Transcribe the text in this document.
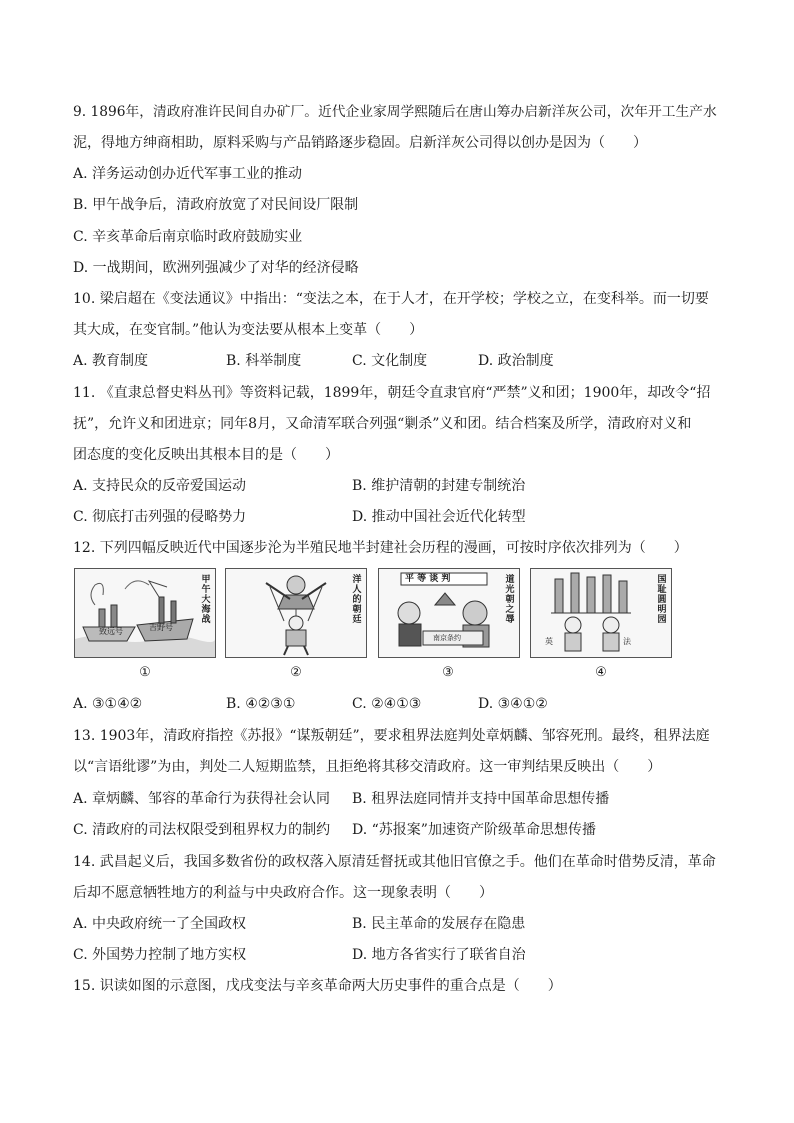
9. 1896年，清政府准许民间自办矿厂。近代企业家周学熙随后在唐山筹办启新洋灰公司，次年开工生产水
泥，得地方绅商相助，原料采购与产品销路逐步稳固。启新洋灰公司得以创办是因为（　　）
A. 洋务运动创办近代军事工业的推动
B. 甲午战争后，清政府放宽了对民间设厂限制
C. 辛亥革命后南京临时政府鼓励实业
D. 一战期间，欧洲列强减少了对华的经济侵略
10. 梁启超在《变法通议》中指出：“变法之本，在于人才，在开学校；学校之立，在变科举。而一切要
其大成，在变官制。”他认为变法要从根本上变革（　　）
A. 教育制度	B. 科举制度	C. 文化制度	D. 政治制度
11. 《直隶总督史料丛刊》等资料记载，1899年，朝廷令直隶官府“严禁”义和团；1900年，却改令“招
抚”，允许义和团进京；同年8月，又命清军联合列强“剿杀”义和团。结合档案及所学，清政府对义和
团态度的变化反映出其根本目的是（　　）
A. 支持民众的反帝爱国运动	B. 维护清朝的封建专制统治
C. 彻底打击列强的侵略势力	D. 推动中国社会近代化转型
12. 下列四幅反映近代中国逐步沦为半殖民地半封建社会历程的漫画，可按时序依次排列为（　　）
致远号	吉野号
甲午大海战
洋人的朝廷
平 等 谈 判
南京条约
道光朝之辱
英	法
国耻圆明园
①	②	③	④
A. ③①④②	B. ④②③①	C. ②④①③	D. ③④①②
13. 1903年，清政府指控《苏报》“谋叛朝廷”，要求租界法庭判处章炳麟、邹容死刑。最终，租界法庭
以“言语纰谬”为由，判处二人短期监禁，且拒绝将其移交清政府。这一审判结果反映出（　　）
A. 章炳麟、邹容的革命行为获得社会认同 B. 租界法庭同情并支持中国革命思想传播
C. 清政府的司法权限受到租界权力的制约 D. “苏报案”加速资产阶级革命思想传播
14. 武昌起义后，我国多数省份的政权落入原清廷督抚或其他旧官僚之手。他们在革命时借势反清，革命
后却不愿意牺牲地方的利益与中央政府合作。这一现象表明（　　）
A. 中央政府统一了全国政权	B. 民主革命的发展存在隐患
C. 外国势力控制了地方实权	D. 地方各省实行了联省自治
15. 识读如图的示意图，戊戌变法与辛亥革命两大历史事件的重合点是（　　）
